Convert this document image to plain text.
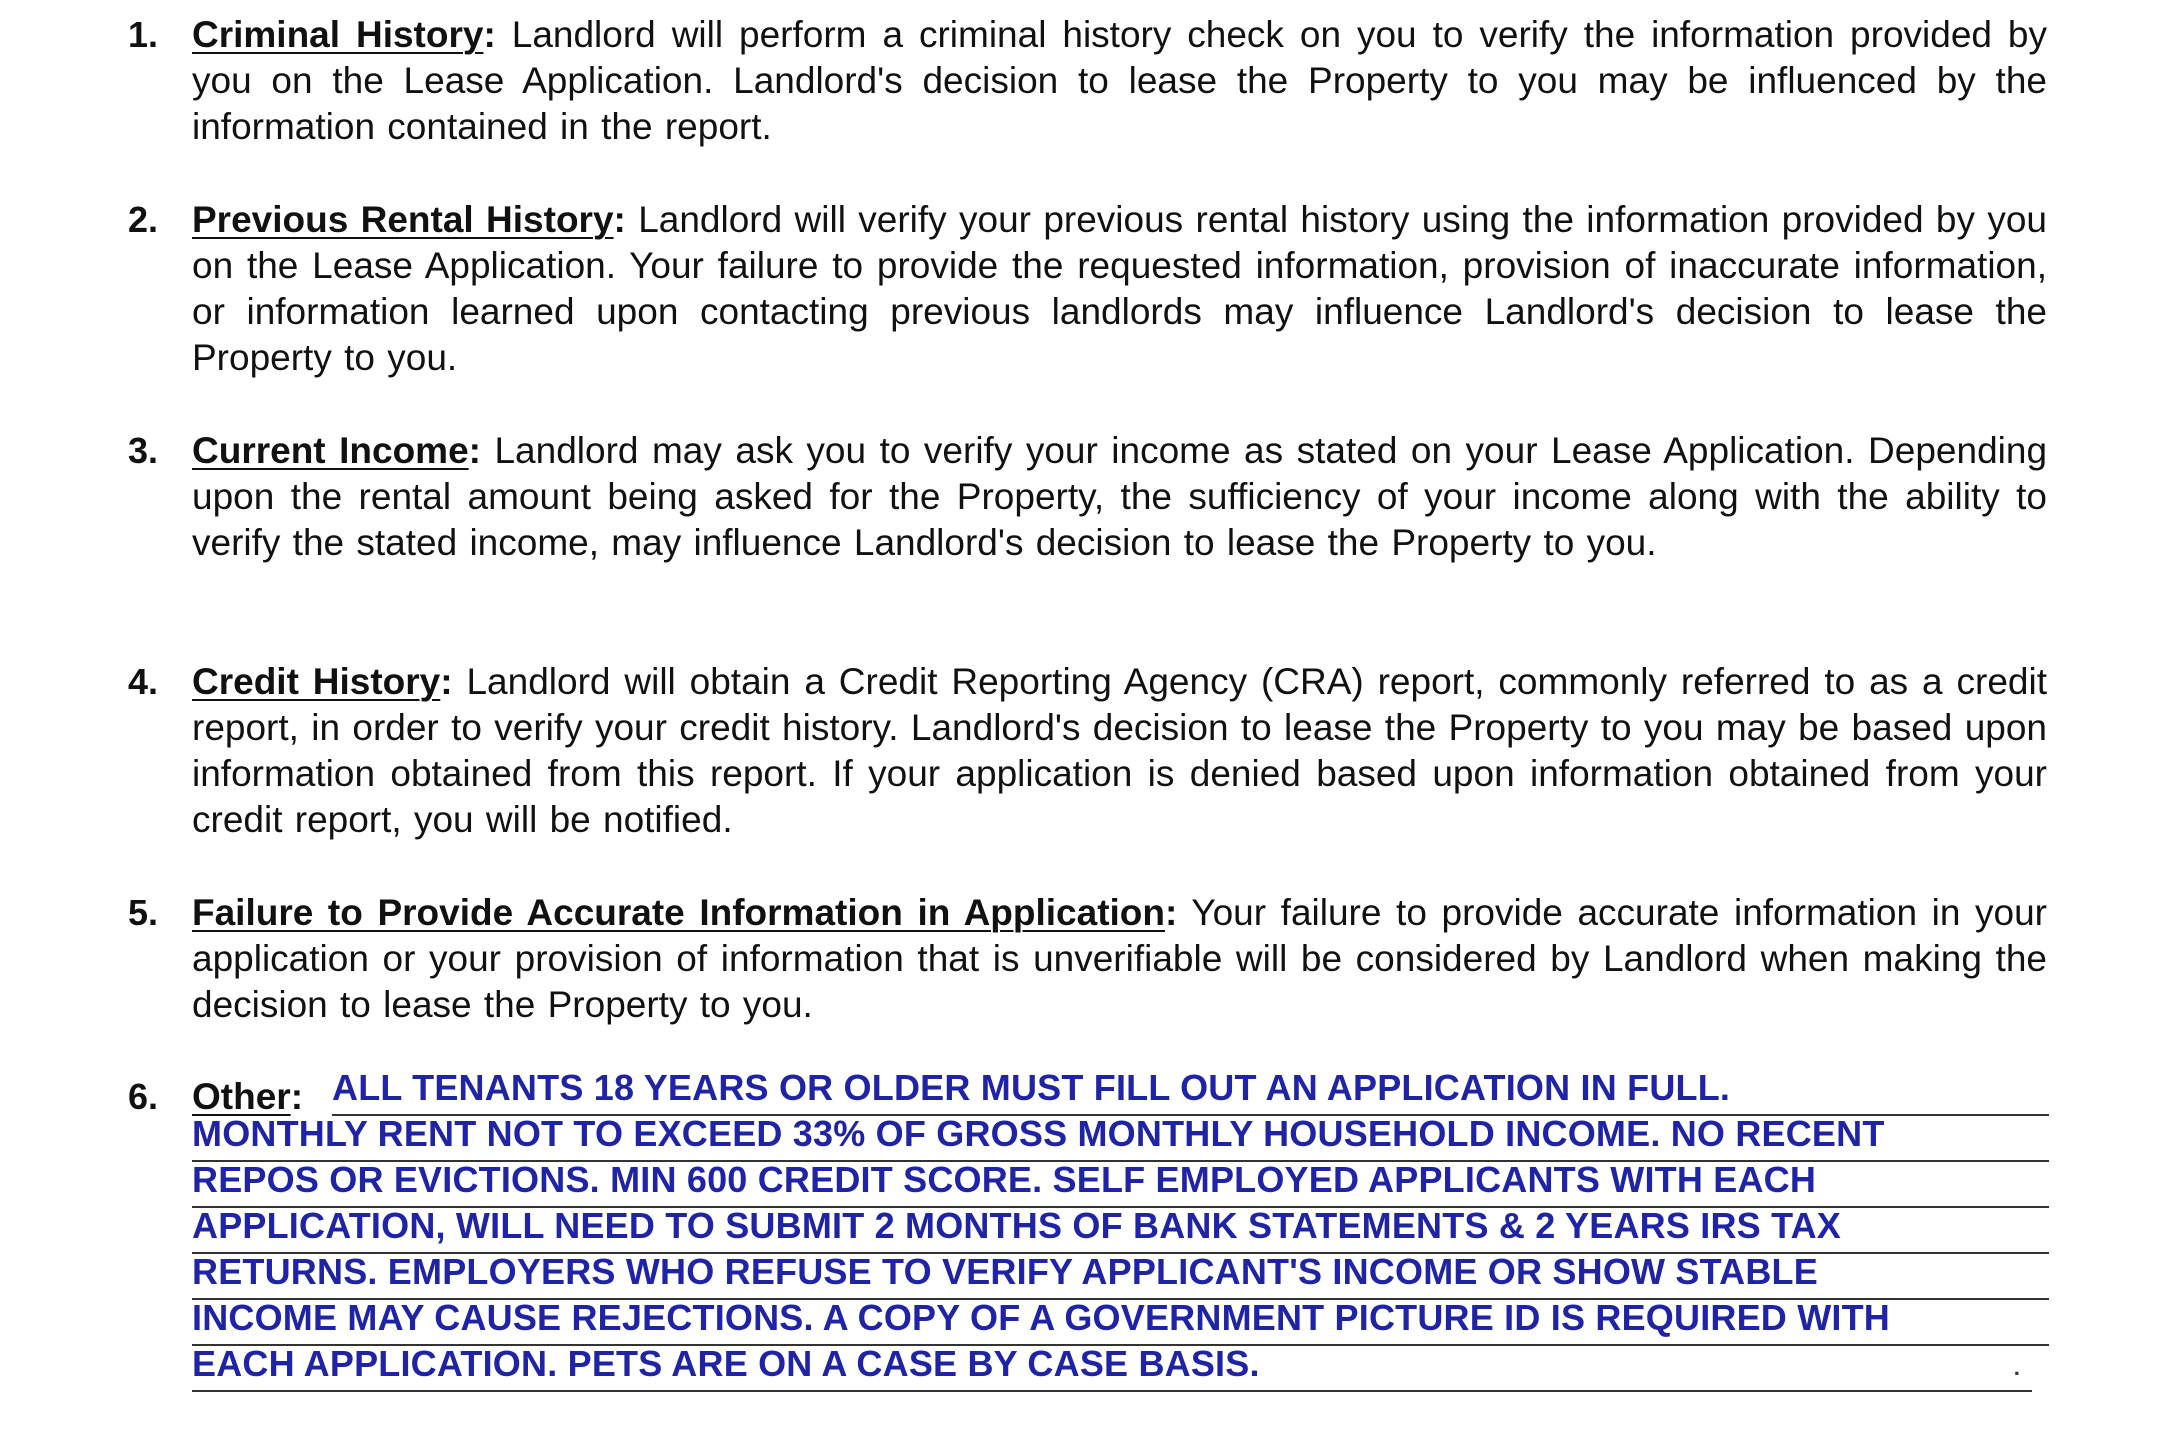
1. Criminal History: Landlord will perform a criminal history check on you to verify the information provided by you on the Lease Application. Landlord's decision to lease the Property to you may be influenced by the information contained in the report.
2. Previous Rental History: Landlord will verify your previous rental history using the information provided by you on the Lease Application. Your failure to provide the requested information, provision of inaccurate information, or information learned upon contacting previous landlords may influence Landlord's decision to lease the Property to you.
3. Current Income: Landlord may ask you to verify your income as stated on your Lease Application. Depending upon the rental amount being asked for the Property, the sufficiency of your income along with the ability to verify the stated income, may influence Landlord's decision to lease the Property to you.
4. Credit History: Landlord will obtain a Credit Reporting Agency (CRA) report, commonly referred to as a credit report, in order to verify your credit history. Landlord's decision to lease the Property to you may be based upon information obtained from this report. If your application is denied based upon information obtained from your credit report, you will be notified.
5. Failure to Provide Accurate Information in Application: Your failure to provide accurate information in your application or your provision of information that is unverifiable will be considered by Landlord when making the decision to lease the Property to you.
6. Other: ALL TENANTS 18 YEARS OR OLDER MUST FILL OUT AN APPLICATION IN FULL.
MONTHLY RENT NOT TO EXCEED 33% OF GROSS MONTHLY HOUSEHOLD INCOME. NO RECENT
REPOS OR EVICTIONS. MIN 600 CREDIT SCORE. SELF EMPLOYED APPLICANTS WITH EACH
APPLICATION, WILL NEED TO SUBMIT 2 MONTHS OF BANK STATEMENTS & 2 YEARS IRS TAX
RETURNS. EMPLOYERS WHO REFUSE TO VERIFY APPLICANT'S INCOME OR SHOW STABLE
INCOME MAY CAUSE REJECTIONS. A COPY OF A GOVERNMENT PICTURE ID IS REQUIRED WITH
EACH APPLICATION. PETS ARE ON A CASE BY CASE BASIS.	.
